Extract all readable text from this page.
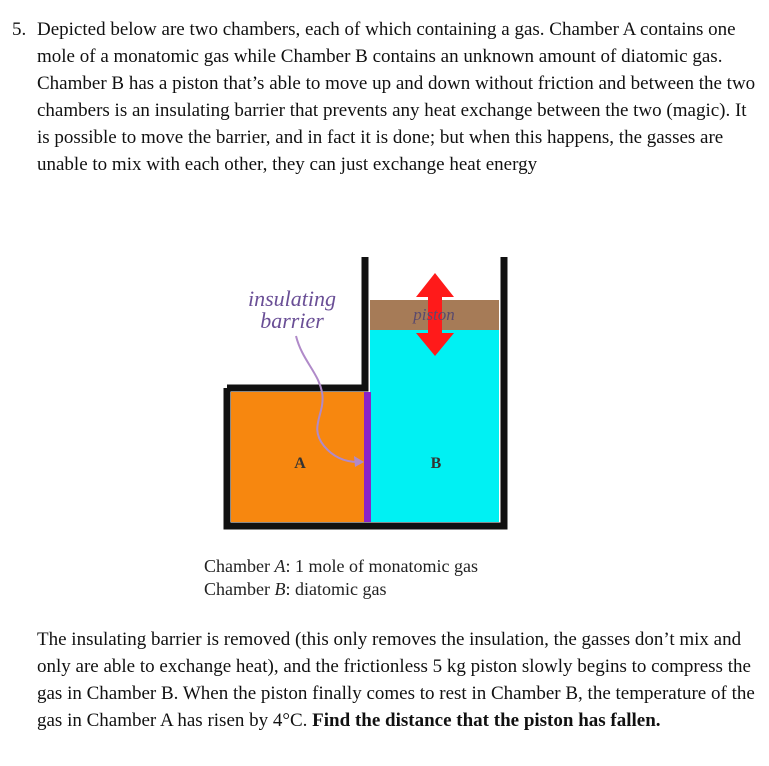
5. Depicted below are two chambers, each of which containing a gas. Chamber A contains one mole of a monatomic gas while Chamber B contains an unknown amount of diatomic gas. Chamber B has a piston that’s able to move up and down without friction and between the two chambers is an insulating barrier that prevents any heat exchange between the two (magic). It is possible to move the barrier, and in fact it is done; but when this happens, the gasses are unable to mix with each other, they can just exchange heat energy

insulating
barrier	piston
A	B
Chamber A: 1 mole of monatomic gas
Chamber B: diatomic gas

The insulating barrier is removed (this only removes the insulation, the gasses don’t mix and only are able to exchange heat), and the frictionless 5 kg piston slowly begins to compress the gas in Chamber B. When the piston finally comes to rest in Chamber B, the temperature of the gas in Chamber A has risen by 4°C. Find the distance that the piston has fallen.
